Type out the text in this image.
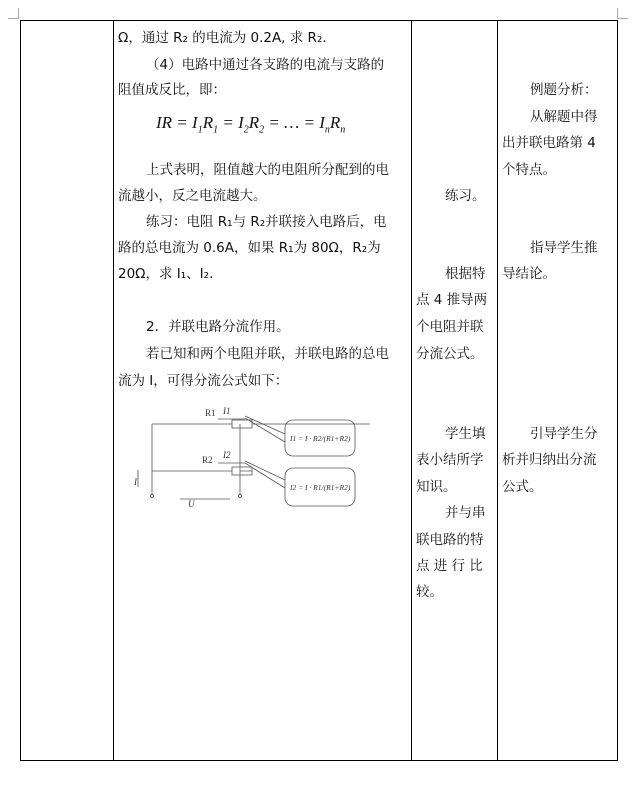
Ω，通过 R₂ 的电流为 0.2A, 求 R₂.
（4）电路中通过各支路的电流与支路的
阻值成反比，即：
IR = $I_1R_1 = I_2R_2$ = … = $I_nR_n$
上式表明，阻值越大的电阻所分配到的电
流越小，反之电流越大。
练习：电阻 R₁与 R₂并联接入电路后，电
路的总电流为 0.6A，如果 R₁为 80Ω，R₂为
20Ω，求 I₁、I₂.
2．并联电路分流作用。
若已知和两个电阻并联，并联电路的总电
流为 I，可得分流公式如下：
R1
R2
I1
I2
I
U
I1 = I · R2/(R1+R2)
I2 = I · R1/(R1+R2)
练习。
根据特
点 4 推导两
个电阻并联
分流公式。
学生填
表小结所学
知识。
并与串
联电路的特
点 进 行 比
较。
例题分析：
从解题中得
出并联电路第 4
个特点。
指导学生推
导结论。
引导学生分
析并归纳出分流
公式。
